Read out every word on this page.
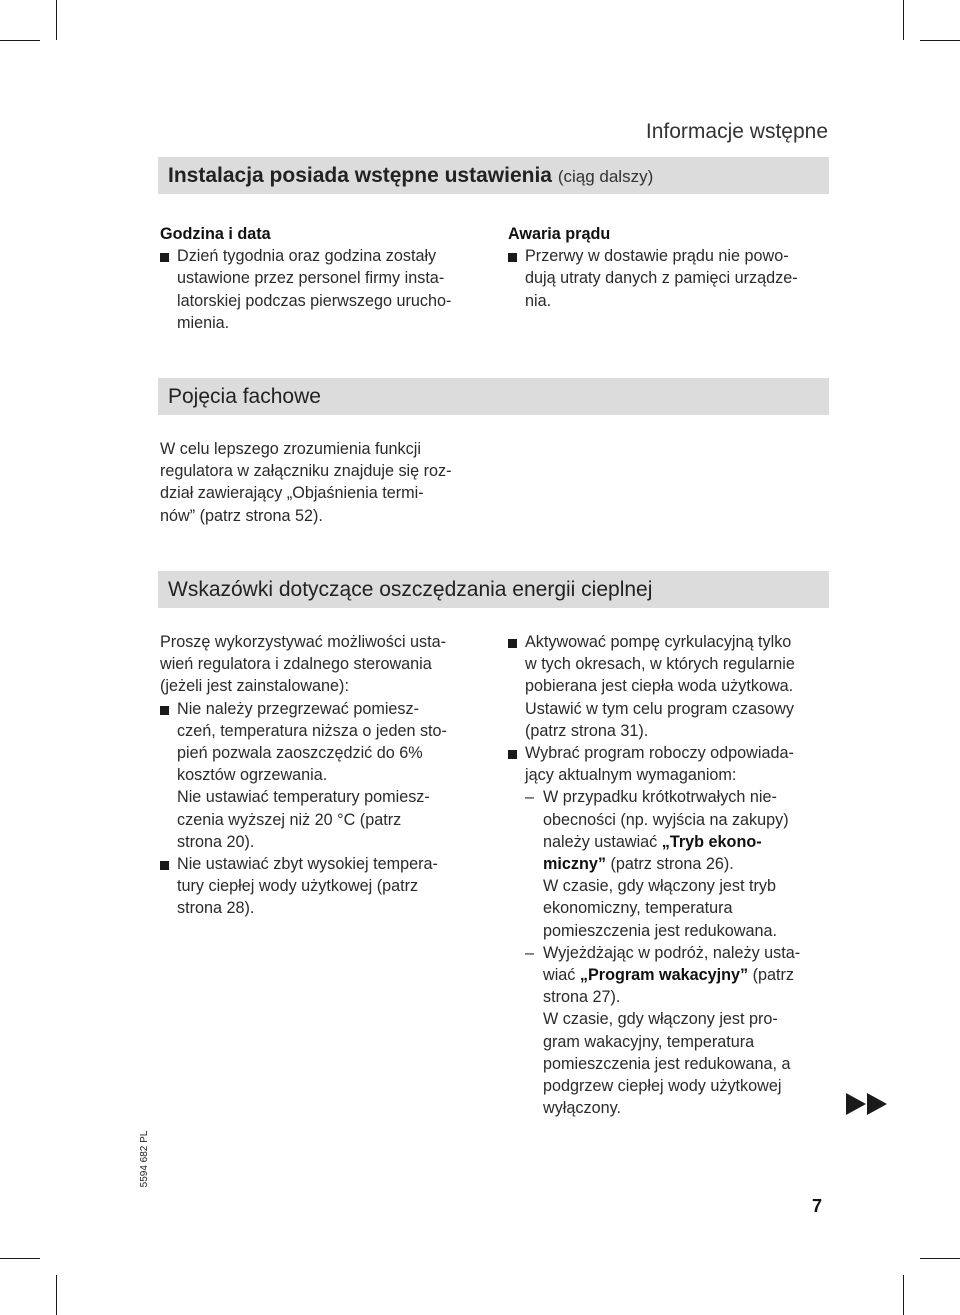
Informacje wstępne
Instalacja posiada wstępne ustawienia (ciąg dalszy)
Godzina i data
Dzień tygodnia oraz godzina zostały
ustawione przez personel firmy insta-
latorskiej podczas pierwszego urucho-
mienia.
Awaria prądu
Przerwy w dostawie prądu nie powo-
dują utraty danych z pamięci urządze-
nia.
Pojęcia fachowe
W celu lepszego zrozumienia funkcji
regulatora w załączniku znajduje się roz-
dział zawierający „Objaśnienia termi-
nów” (patrz strona 52).
Wskazówki dotyczące oszczędzania energii cieplnej
Proszę wykorzystywać możliwości usta-
wień regulatora i zdalnego sterowania
(jeżeli jest zainstalowane):
Nie należy przegrzewać pomiesz-
czeń, temperatura niższa o jeden sto-
pień pozwala zaoszczędzić do 6%
kosztów ogrzewania.
Nie ustawiać temperatury pomiesz-
czenia wyższej niż 20 °C (patrz
strona 20).
Nie ustawiać zbyt wysokiej tempera-
tury ciepłej wody użytkowej (patrz
strona 28).
Aktywować pompę cyrkulacyjną tylko
w tych okresach, w których regularnie
pobierana jest ciepła woda użytkowa.
Ustawić w tym celu program czasowy
(patrz strona 31).
Wybrać program roboczy odpowiada-
jący aktualnym wymaganiom:
– W przypadku krótkotrwałych nie-
obecności (np. wyjścia na zakupy)
należy ustawiać „Tryb ekono-
miczny” (patrz strona 26).
W czasie, gdy włączony jest tryb
ekonomiczny, temperatura
pomieszczenia jest redukowana.
– Wyjeżdżając w podróż, należy usta-
wiać „Program wakacyjny” (patrz
strona 27).
W czasie, gdy włączony jest pro-
gram wakacyjny, temperatura
pomieszczenia jest redukowana, a
podgrzew ciepłej wody użytkowej
wyłączony.
5594 682 PL
7
